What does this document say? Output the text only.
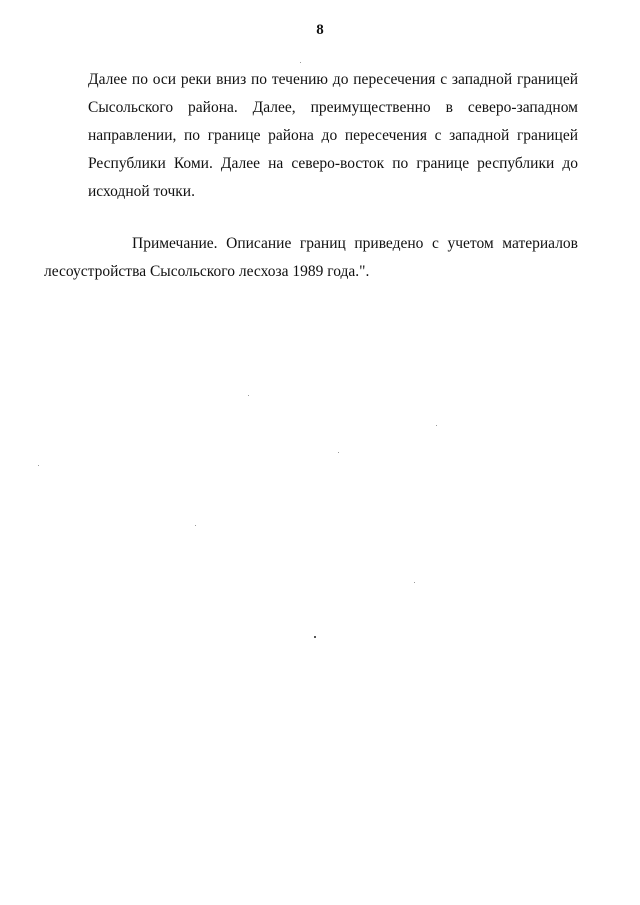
8
Далее по оси реки вниз по течению до пересечения с западной границей
Сысольского района. Далее, преимущественно в северо-западном
направлении, по границе района до пересечения с западной границей
Республики Коми. Далее на северо-восток по границе республики до
исходной точки.
Примечание. Описание границ приведено с учетом материалов
лесоустройства Сысольского лесхоза 1989 года.".
